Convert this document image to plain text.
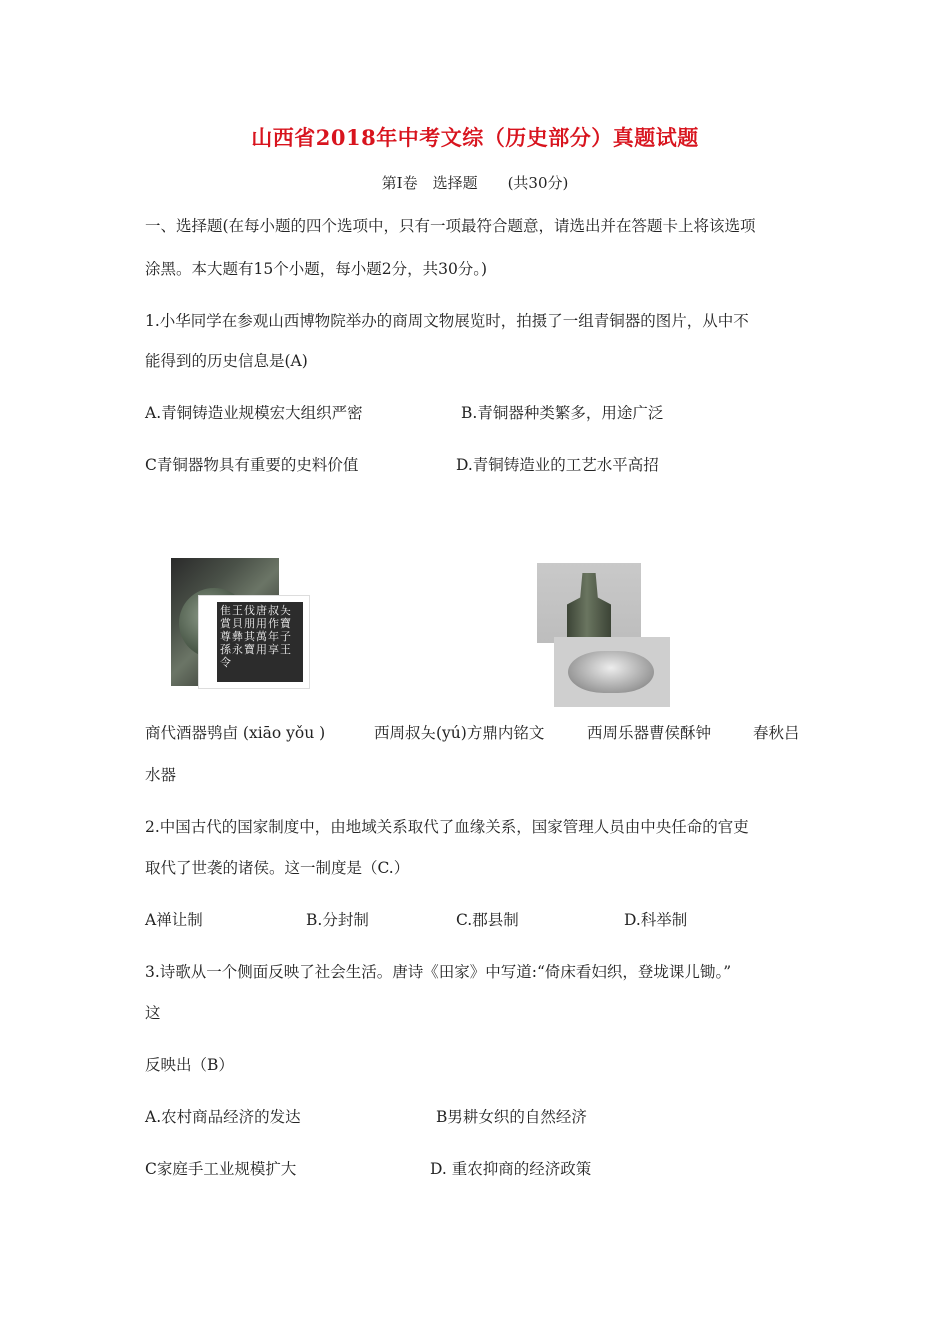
山西省2018年中考文综（历史部分）真题试题
第Ⅰ卷　选择题　　(共30分)
一、选择题(在每小题的四个选项中，只有一项最符合题意，请选出并在答题卡上将该选项
涂黑。本大题有15个小题，每小题2分，共30分。)
1.小华同学在参观山西博物院举办的商周文物展览时，拍摄了一组青铜器的图片，从中不
能得到的历史信息是(A)
A.青铜铸造业规模宏大组织严密	B.青铜器种类繁多，用途广泛
C青铜器物具有重要的史料价值	D.青铜铸造业的工艺水平高招
隹王伐唐叔夨賞貝朋用作寶尊彝其萬年子孫永寶用享王令
商代酒器鸮卣 (xiāo yǒu )	西周叔夨(yú)方鼎内铭文	西周乐器曹侯酥钟	春秋吕
水器
2.中国古代的国家制度中，由地域关系取代了血缘关系，国家管理人员由中央任命的官吏
取代了世袭的诸侯。这一制度是（C.）
A禅让制	B.分封制	C.郡县制	D.科举制
3.诗歌从一个侧面反映了社会生活。唐诗《田家》中写道:“倚床看妇织，登垅课儿锄。”
这
反映出（B）
A.农村商品经济的发达	B男耕女织的自然经济
C家庭手工业规模扩大	D. 重农抑商的经济政策
